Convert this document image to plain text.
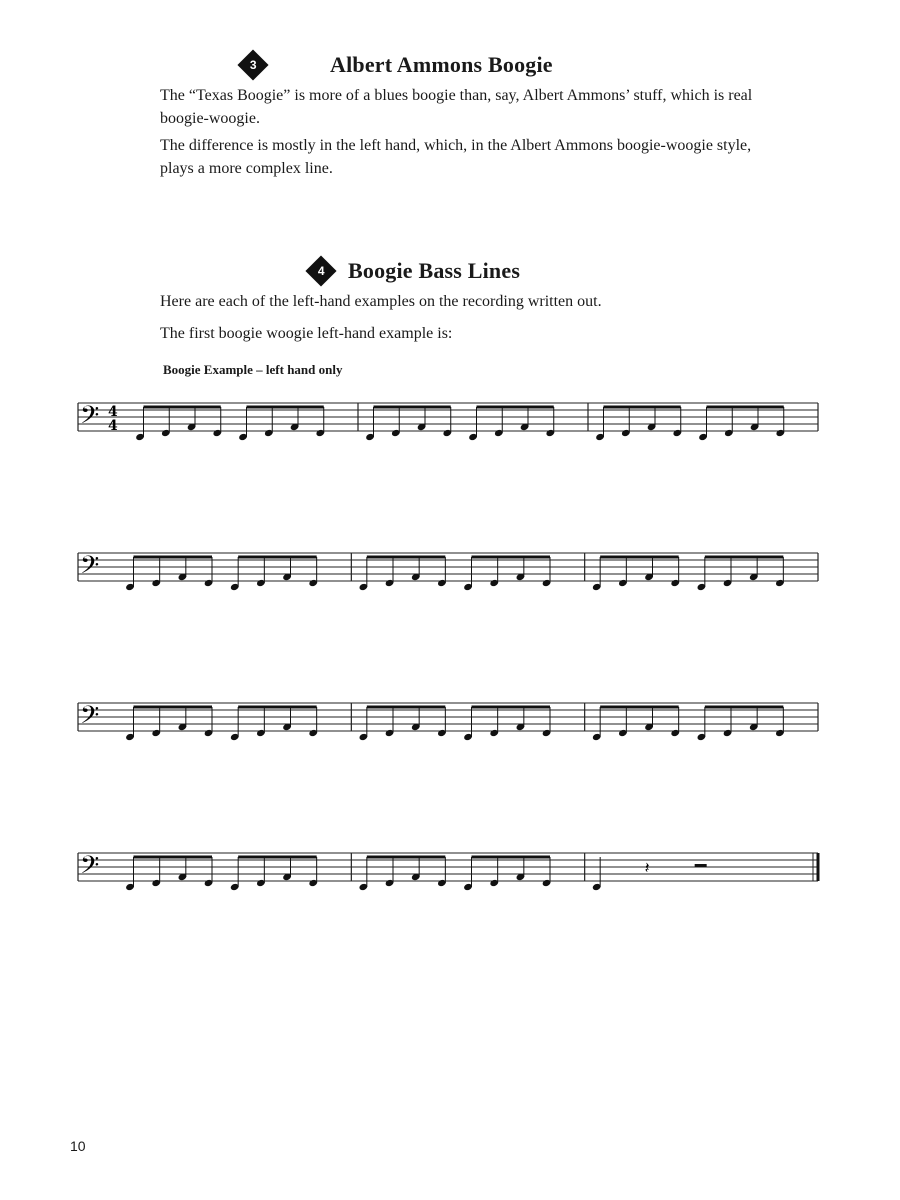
3	Albert Ammons Boogie

The “Texas Boogie” is more of a blues boogie than, say, Albert Ammons’ stuff, which is real boogie-woogie.

The difference is mostly in the left hand, which, in the Albert Ammons boogie-woogie style, plays a more complex line.

4 Boogie Bass Lines

Here are each of the left-hand examples on the recording written out.

The first boogie woogie left-hand example is:

Boogie Example – left hand only
𝄢 4
4
𝄢
𝄢
𝄢	𝄽
10
